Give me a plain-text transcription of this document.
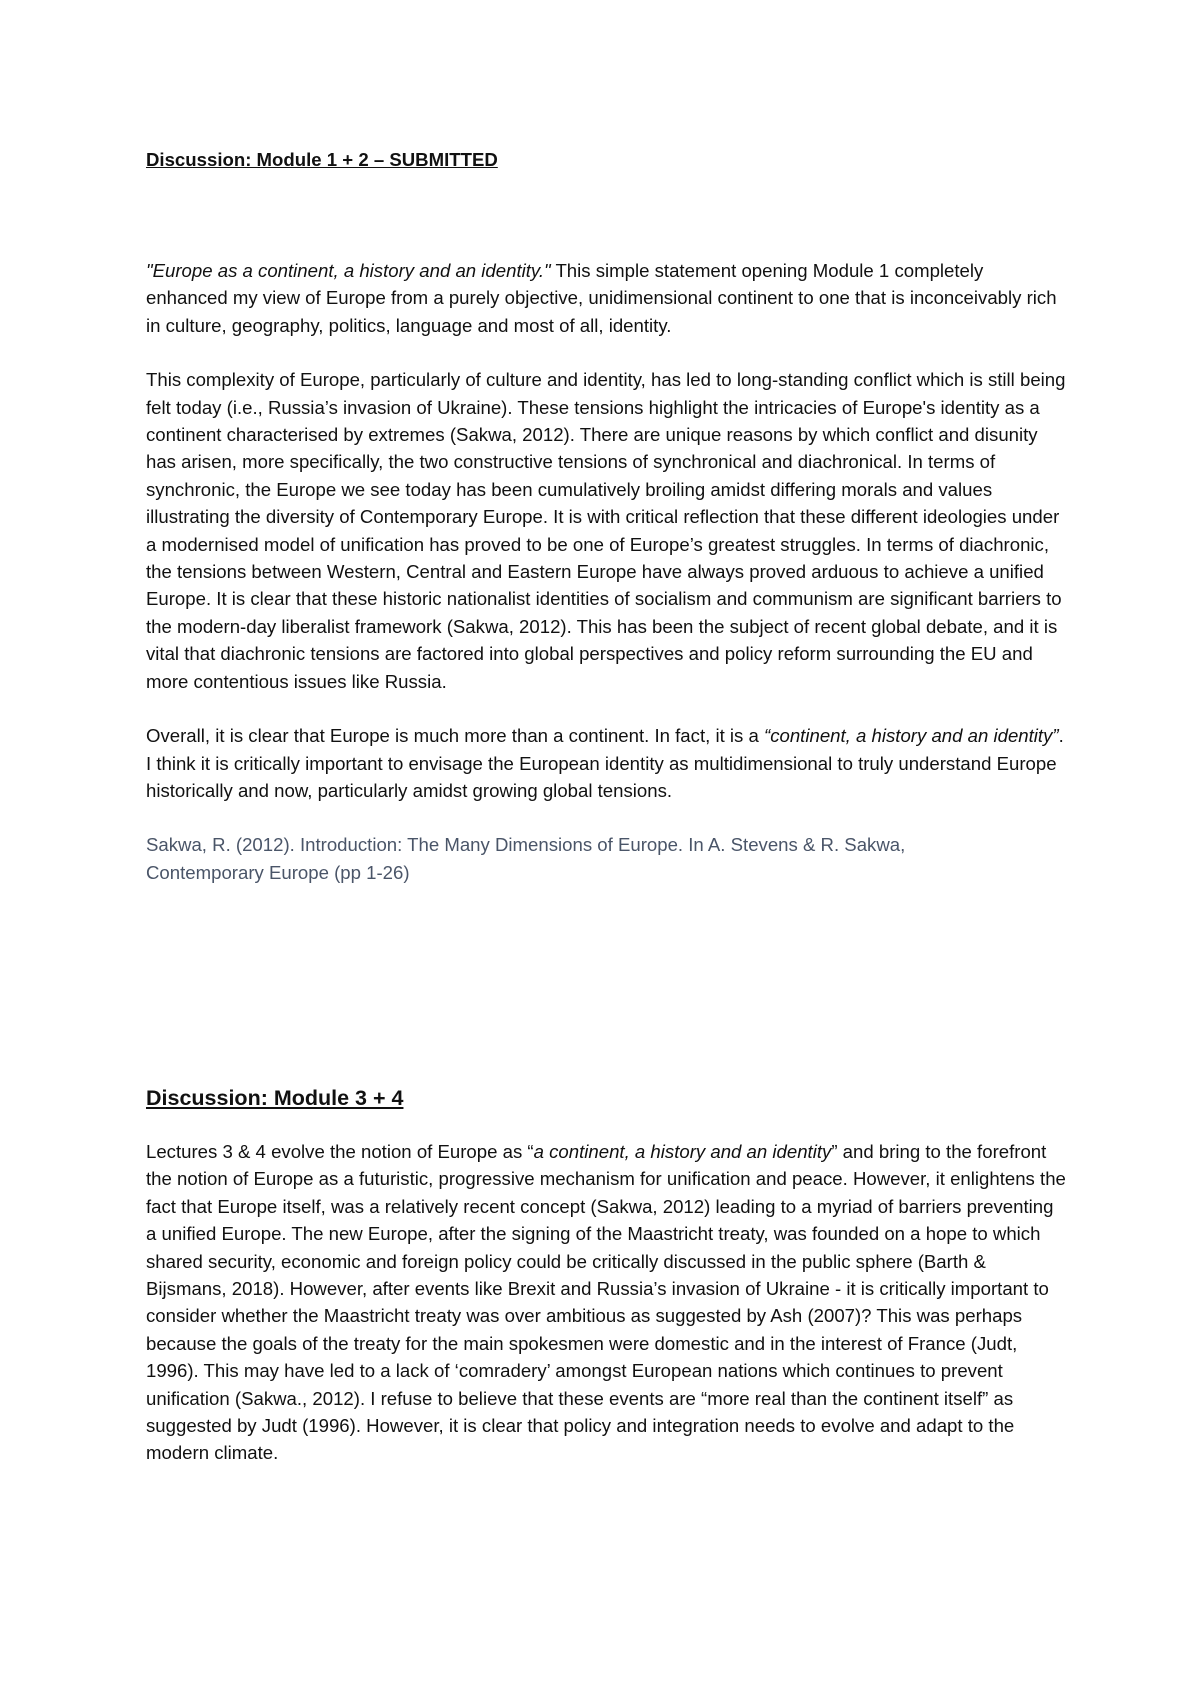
Discussion: Module 1 + 2 – SUBMITTED

"Europe as a continent, a history and an identity." This simple statement opening Module 1 completely enhanced my view of Europe from a purely objective, unidimensional continent to one that is inconceivably rich in culture, geography, politics, language and most of all, identity.

This complexity of Europe, particularly of culture and identity, has led to long-standing conflict which is still being felt today (i.e., Russia’s invasion of Ukraine). These tensions highlight the intricacies of Europe's identity as a continent characterised by extremes (Sakwa, 2012). There are unique reasons by which conflict and disunity has arisen, more specifically, the two constructive tensions of synchronical and diachronical. In terms of synchronic, the Europe we see today has been cumulatively broiling amidst differing morals and values illustrating the diversity of Contemporary Europe. It is with critical reflection that these different ideologies under a modernised model of unification has proved to be one of Europe’s greatest struggles. In terms of diachronic, the tensions between Western, Central and Eastern Europe have always proved arduous to achieve a unified Europe. It is clear that these historic nationalist identities of socialism and communism are significant barriers to the modern-day liberalist framework (Sakwa, 2012). This has been the subject of recent global debate, and it is vital that diachronic tensions are factored into global perspectives and policy reform surrounding the EU and more contentious issues like Russia.

Overall, it is clear that Europe is much more than a continent. In fact, it is a “continent, a history and an identity”. I think it is critically important to envisage the European identity as multidimensional to truly understand Europe historically and now, particularly amidst growing global tensions.

Sakwa, R. (2012). Introduction: The Many Dimensions of Europe. In A. Stevens & R. Sakwa,
Contemporary Europe (pp 1-26)

Discussion: Module 3 + 4

Lectures 3 & 4 evolve the notion of Europe as “a continent, a history and an identity” and bring to the forefront the notion of Europe as a futuristic, progressive mechanism for unification and peace. However, it enlightens the fact that Europe itself, was a relatively recent concept (Sakwa, 2012) leading to a myriad of barriers preventing a unified Europe. The new Europe, after the signing of the Maastricht treaty, was founded on a hope to which shared security, economic and foreign policy could be critically discussed in the public sphere (Barth & Bijsmans, 2018). However, after events like Brexit and Russia’s invasion of Ukraine - it is critically important to consider whether the Maastricht treaty was over ambitious as suggested by Ash (2007)? This was perhaps because the goals of the treaty for the main spokesmen were domestic and in the interest of France (Judt, 1996). This may have led to a lack of ‘comradery’ amongst European nations which continues to prevent unification (Sakwa., 2012). I refuse to believe that these events are “more real than the continent itself” as suggested by Judt (1996). However, it is clear that policy and integration needs to evolve and adapt to the modern climate.
